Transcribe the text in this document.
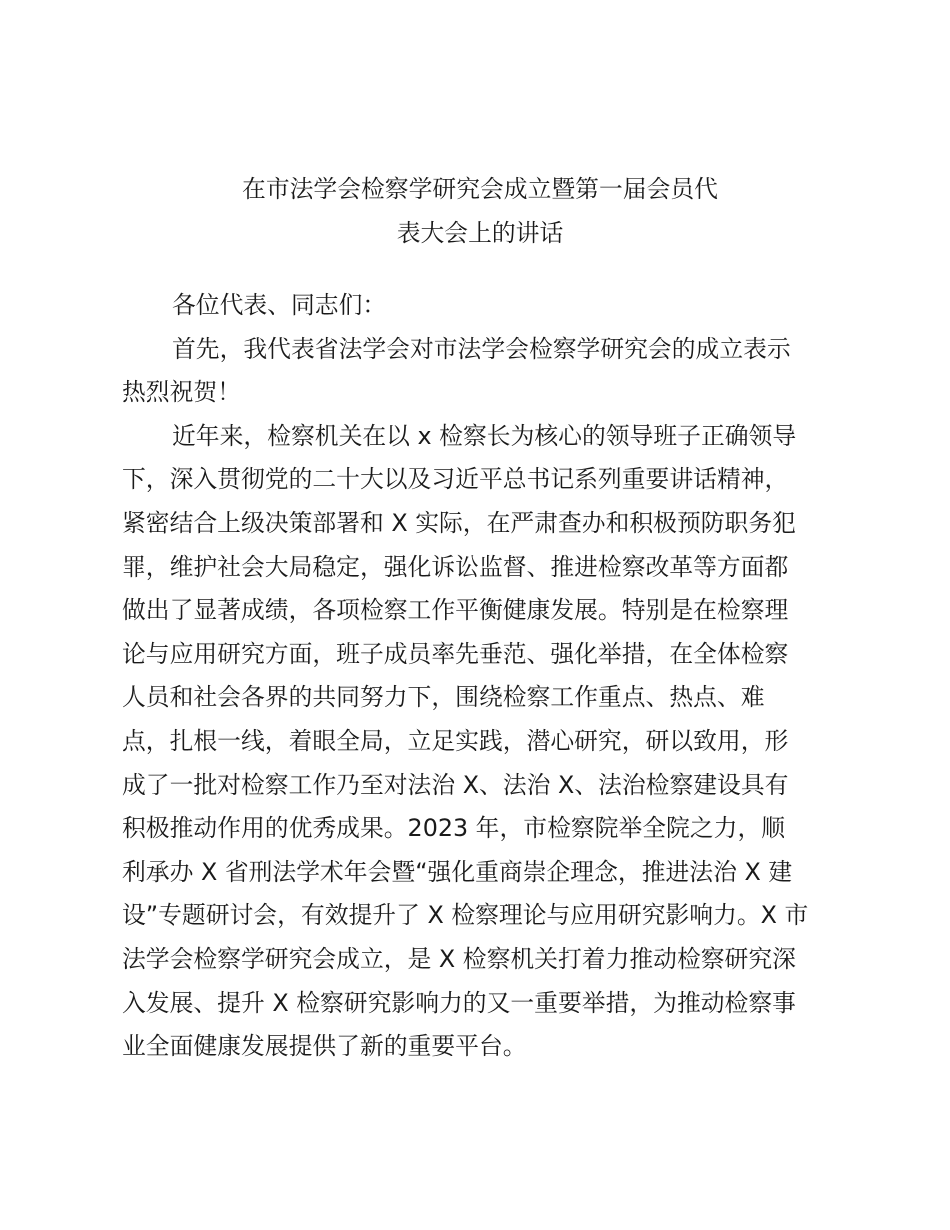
在市法学会检察学研究会成立暨第一届会员代
表大会上的讲话
各位代表、同志们：
首先，我代表省法学会对市法学会检察学研究会的成立表示
热烈祝贺！
近年来，检察机关在以 x 检察长为核心的领导班子正确领导
下，深入贯彻党的二十大以及习近平总书记系列重要讲话精神，
紧密结合上级决策部署和 X 实际，在严肃查办和积极预防职务犯
罪，维护社会大局稳定，强化诉讼监督、推进检察改革等方面都
做出了显著成绩，各项检察工作平衡健康发展。特别是在检察理
论与应用研究方面，班子成员率先垂范、强化举措，在全体检察
人员和社会各界的共同努力下，围绕检察工作重点、热点、难
点，扎根一线，着眼全局，立足实践，潜心研究，研以致用，形
成了一批对检察工作乃至对法治 X、法治 X、法治检察建设具有
积极推动作用的优秀成果。2023 年，市检察院举全院之力，顺
利承办 X 省刑法学术年会暨“强化重商崇企理念，推进法治 X 建
设”专题研讨会，有效提升了 X 检察理论与应用研究影响力。X 市
法学会检察学研究会成立，是 X 检察机关打着力推动检察研究深
入发展、提升 X 检察研究影响力的又一重要举措，为推动检察事
业全面健康发展提供了新的重要平台。
